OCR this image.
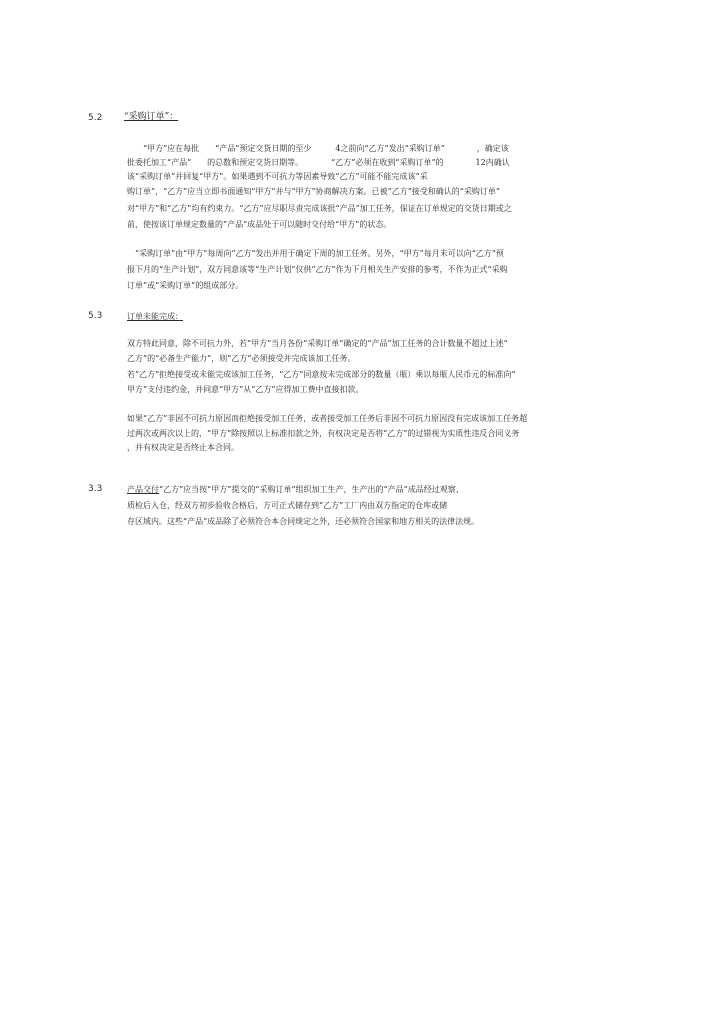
5.2 “采购订单”：
“甲方”应在每批　　“产品”预定交货日期的至少　　　4之前向“乙方”发出“采购订单”　　　　，确定该
批委托加工“产品”　　的总数和预定交货日期等。　　　　“乙方”必须在收到“采购订单”的　　　　12内确认
该“采购订单”并回复“甲方”。如果遇到不可抗力等因素导致“乙方”可能不能完成该“采
购订单”，“乙方”应当立即书面通知“甲方”并与“甲方”协商解决方案。已被“乙方”接受和确认的“采购订单”
对“甲方”和“乙方”均有约束力。“乙方”应尽职尽责完成该批“产品”加工任务，保证在订单规定的交货日期或之
前，使按该订单规定数量的“产品”成品处于可以随时交付给“甲方”的状态。
“采购订单”由“甲方”每周向“乙方”发出并用于确定下周的加工任务。另外，“甲方”每月末可以向“乙方”预
报下月的“生产计划”，双方同意该等“生产计划”仅供“乙方”作为下月相关生产安排的参考，不作为正式“采购
订单”或“采购订单”的组成部分。
5.3	订单未能完成：
双方特此同意，除不可抗力外，若“甲方”当月各份“采购订单”确定的“产品”加工任务的合计数量不超过上述“
乙方”的“必备生产能力”，则“乙方”必须接受并完成该加工任务。
若“乙方”拒绝接受或未能完成该加工任务，“乙方”同意按未完成部分的数量（瓶）乘以每瓶人民币元的标准向“
甲方”支付违约金，并同意“甲方”从“乙方”应得加工费中直接扣款。
如果“乙方”非因不可抗力原因而拒绝接受加工任务，或者接受加工任务后非因不可抗力原因没有完成该加工任务超
过两次或两次以上的，“甲方”除按照以上标准扣款之外，有权决定是否将“乙方”的过错视为实质性违反合同义务
，并有权决定是否终止本合同。
3.3	产品交付“乙方”应当按“甲方”提交的“采购订单”组织加工生产，生产出的“产品”成品经过观察、
质检后入仓，经双方初步验收合格后，方可正式储存到“乙方”工厂内由双方指定的仓库或储
存区域内。这些“产品”成品除了必须符合本合同规定之外，还必须符合国家和地方相关的法律法规。
